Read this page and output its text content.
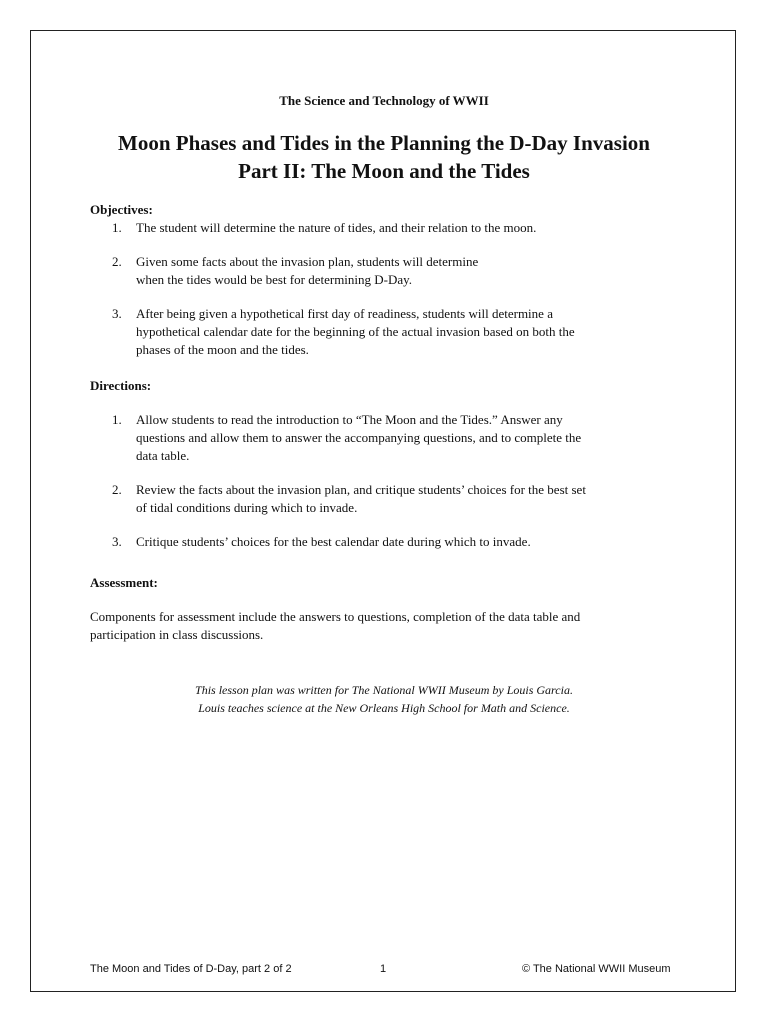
The Science and Technology of WWII
Moon Phases and Tides in the Planning the D-Day Invasion
Part II: The Moon and the Tides
Objectives:
1. The student will determine the nature of tides, and their relation to the moon.
2. Given some facts about the invasion plan, students will determine
when the tides would be best for determining D-Day.
3. After being given a hypothetical first day of readiness, students will determine a
hypothetical calendar date for the beginning of the actual invasion based on both the
phases of the moon and the tides.
Directions:
1. Allow students to read the introduction to “The Moon and the Tides.” Answer any
questions and allow them to answer the accompanying questions, and to complete the
data table.
2. Review the facts about the invasion plan, and critique students’ choices for the best set
of tidal conditions during which to invade.
3. Critique students’ choices for the best calendar date during which to invade.
Assessment:
Components for assessment include the answers to questions, completion of the data table and
participation in class discussions.
This lesson plan was written for The National WWII Museum by Louis Garcia.
Louis teaches science at the New Orleans High School for Math and Science.
The Moon and Tides of D-Day, part 2 of 2	1	© The National WWII Museum
